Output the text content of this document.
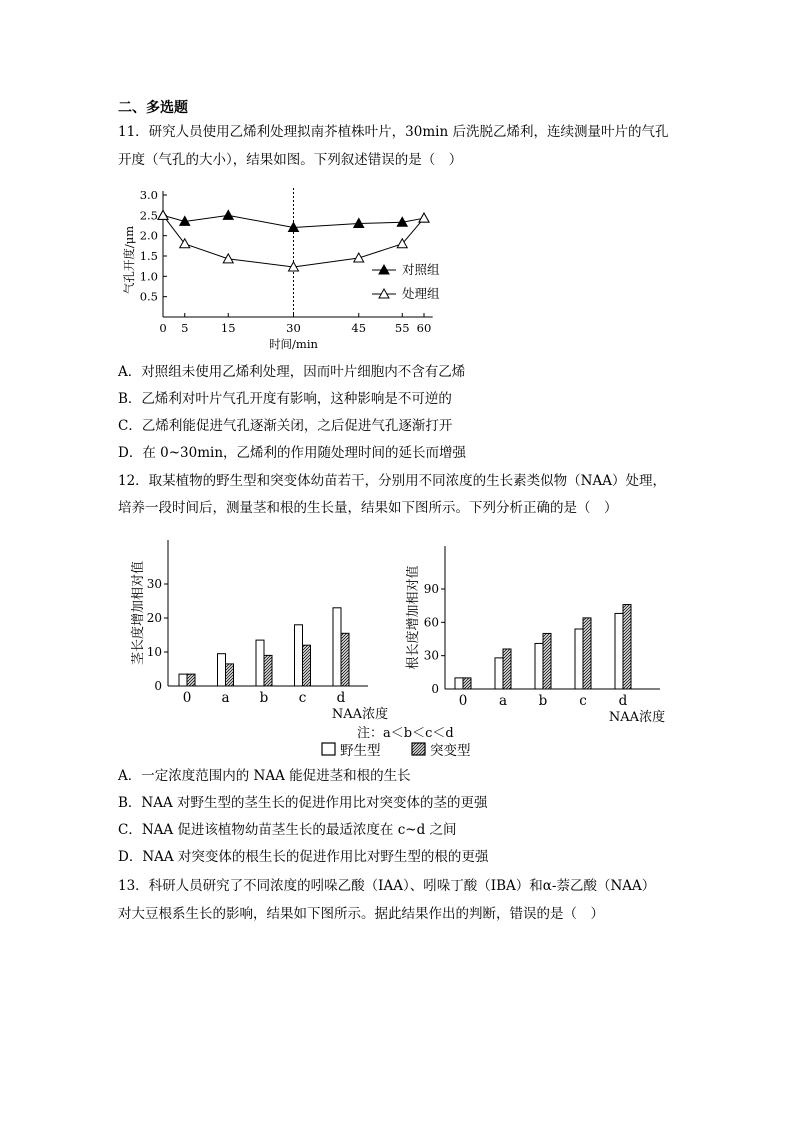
二、多选题
11．研究人员使用乙烯利处理拟南芥植株叶片，30min 后洗脱乙烯利，连续测量叶片的气孔
开度（气孔的大小），结果如图。下列叙述错误的是（　）
0.5
1.0
1.5
2.0
2.5
3.0
0 5	15	30	45	55 60
气孔开度/μm
时间/min
对照组
处理组
A．对照组未使用乙烯利处理，因而叶片细胞内不含有乙烯
B．乙烯利对叶片气孔开度有影响，这种影响是不可逆的
C．乙烯利能促进气孔逐渐关闭，之后促进气孔逐渐打开
D．在 0~30min，乙烯利的作用随处理时间的延长而增强
12．取某植物的野生型和突变体幼苗若干，分别用不同浓度的生长素类似物（NAA）处理，
培养一段时间后，测量茎和根的生长量，结果如下图所示。下列分析正确的是（　）
0
10
20
30
0 a b c d
茎长度增加相对值
NAA浓度
0
30
60
90
0 a b c d
根长度增加相对值
NAA浓度
注：a＜b＜c＜d
野生型	突变型
A．一定浓度范围内的 NAA 能促进茎和根的生长
B．NAA 对野生型的茎生长的促进作用比对突变体的茎的更强
C．NAA 促进该植物幼苗茎生长的最适浓度在 c~d 之间
D．NAA 对突变体的根生长的促进作用比对野生型的根的更强
13．科研人员研究了不同浓度的吲哚乙酸（IAA）、吲哚丁酸（IBA）和α-萘乙酸（NAA）
对大豆根系生长的影响，结果如下图所示。据此结果作出的判断，错误的是（　）
